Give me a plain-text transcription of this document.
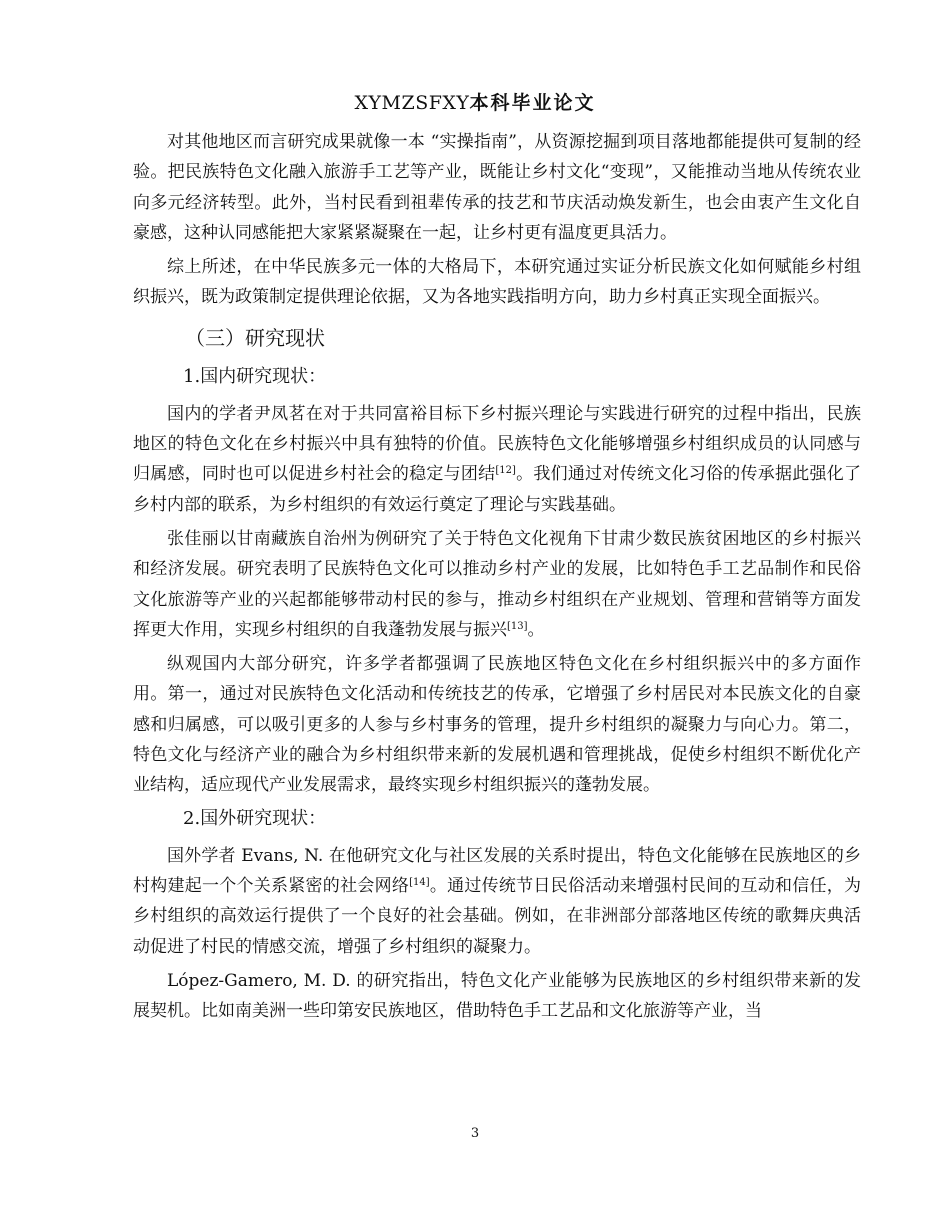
XYMZSFXY本科毕业论文

对其他地区而言研究成果就像一本 “实操指南”，从资源挖掘到项目落地都能提供可复制的经验。把民族特色文化融入旅游手工艺等产业，既能让乡村文化“变现”，又能推动当地从传统农业向多元经济转型。此外，当村民看到祖辈传承的技艺和节庆活动焕发新生，也会由衷产生文化自豪感，这种认同感能把大家紧紧凝聚在一起，让乡村更有温度更具活力。

综上所述，在中华民族多元一体的大格局下，本研究通过实证分析民族文化如何赋能乡村组织振兴，既为政策制定提供理论依据，又为各地实践指明方向，助力乡村真正实现全面振兴。

（三）研究现状
1.国内研究现状：

国内的学者尹凤茗在对于共同富裕目标下乡村振兴理论与实践进行研究的过程中指出，民族地区的特色文化在乡村振兴中具有独特的价值。民族特色文化能够增强乡村组织成员的认同感与归属感，同时也可以促进乡村社会的稳定与团结[12]。我们通过对传统文化习俗的传承据此强化了乡村内部的联系，为乡村组织的有效运行奠定了理论与实践基础。

张佳丽以甘南藏族自治州为例研究了关于特色文化视角下甘肃少数民族贫困地区的乡村振兴和经济发展。研究表明了民族特色文化可以推动乡村产业的发展，比如特色手工艺品制作和民俗文化旅游等产业的兴起都能够带动村民的参与，推动乡村组织在产业规划、管理和营销等方面发挥更大作用，实现乡村组织的自我蓬勃发展与振兴[13]。

纵观国内大部分研究，许多学者都强调了民族地区特色文化在乡村组织振兴中的多方面作用。第一，通过对民族特色文化活动和传统技艺的传承，它增强了乡村居民对本民族文化的自豪感和归属感，可以吸引更多的人参与乡村事务的管理，提升乡村组织的凝聚力与向心力。第二，特色文化与经济产业的融合为乡村组织带来新的发展机遇和管理挑战，促使乡村组织不断优化产业结构，适应现代产业发展需求，最终实现乡村组织振兴的蓬勃发展。

2.国外研究现状：

国外学者 Evans, N. 在他研究文化与社区发展的关系时提出，特色文化能够在民族地区的乡村构建起一个个关系紧密的社会网络[14]。通过传统节日民俗活动来增强村民间的互动和信任，为乡村组织的高效运行提供了一个良好的社会基础。例如，在非洲部分部落地区传统的歌舞庆典活动促进了村民的情感交流，增强了乡村组织的凝聚力。

López-Gamero, M. D. 的研究指出，特色文化产业能够为民族地区的乡村组织带来新的发展契机。比如南美洲一些印第安民族地区，借助特色手工艺品和文化旅游等产业，当

3
